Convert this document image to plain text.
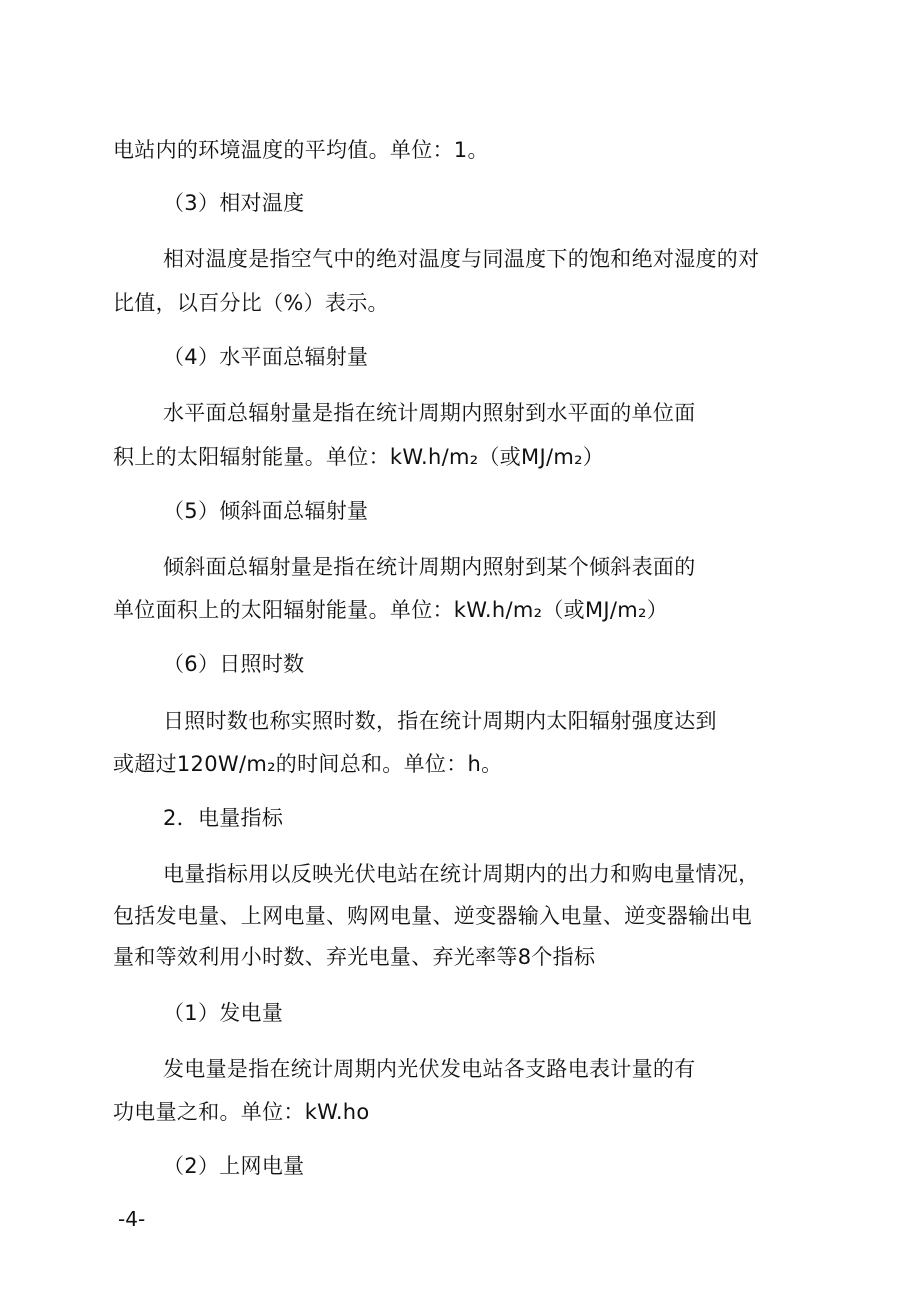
电站内的环境温度的平均值。单位：1。
（3）相对温度
相对温度是指空气中的绝对温度与同温度下的饱和绝对湿度的对
比值，以百分比（%）表示。
（4）水平面总辐射量
水平面总辐射量是指在统计周期内照射到水平面的单位面
积上的太阳辐射能量。单位：kW.h/m₂（或MJ/m₂）
（5）倾斜面总辐射量
倾斜面总辐射量是指在统计周期内照射到某个倾斜表面的
单位面积上的太阳辐射能量。单位：kW.h/m₂（或MJ/m₂）
（6）日照时数
日照时数也称实照时数，指在统计周期内太阳辐射强度达到
或超过120W/m₂的时间总和。单位：h。
2．电量指标
电量指标用以反映光伏电站在统计周期内的出力和购电量情况，
包括发电量、上网电量、购网电量、逆变器输入电量、逆变器输出电
量和等效利用小时数、弃光电量、弃光率等8个指标
（1）发电量
发电量是指在统计周期内光伏发电站各支路电表计量的有
功电量之和。单位：kW.ho
（2）上网电量
-4-
